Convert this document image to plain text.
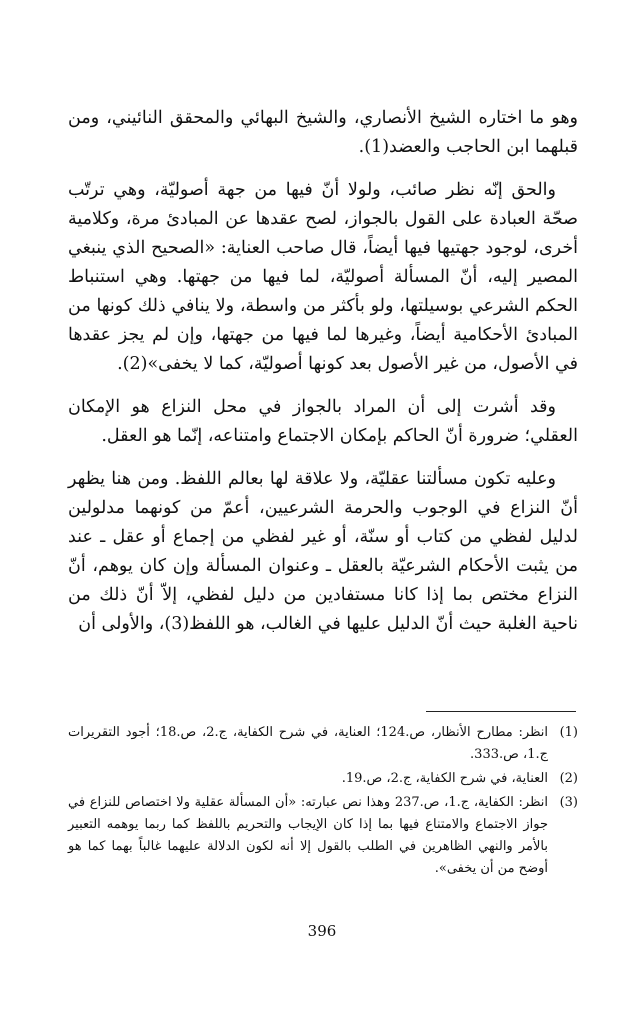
وهو ما اختاره الشيخ الأنصاري، والشيخ البهائي والمحقق النائيني، ومن قبلهما ابن الحاجب والعضد(1).

والحق إنّه نظر صائب، ولولا أنّ فيها من جهة أصوليّة، وهي ترتّب صحّة العبادة على القول بالجواز، لصح عقدها عن المبادئ مرة، وكلامية أخرى، لوجود جهتيها فيها أيضاً، قال صاحب العناية: «الصحيح الذي ينبغي المصير إليه، أنّ المسألة أصوليّة، لما فيها من جهتها. وهي استنباط الحكم الشرعي بوسيلتها، ولو بأكثر من واسطة، ولا ينافي ذلك كونها من المبادئ الأحكامية أيضاً، وغيرها لما فيها من جهتها، وإن لم يجز عقدها في الأصول، من غير الأصول بعد كونها أصوليّة، كما لا يخفى»(2).

وقد أشرت إلى أن المراد بالجواز في محل النزاع هو الإمكان العقلي؛ ضرورة أنّ الحاكم بإمكان الاجتماع وامتناعه، إنّما هو العقل.

وعليه تكون مسألتنا عقليّة، ولا علاقة لها بعالم اللفظ. ومن هنا يظهر أنّ النزاع في الوجوب والحرمة الشرعيين، أعمّ من كونهما مدلولين لدليل لفظي من كتاب أو سنّة، أو غير لفظي من إجماع أو عقل ـ عند من يثبت الأحكام الشرعيّة بالعقل ـ وعنوان المسألة وإن كان يوهم، أنّ النزاع مختص بما إذا كانا مستفادين من دليل لفظي، إلاّ أنّ ذلك من ناحية الغلبة حيث أنّ الدليل عليها في الغالب، هو اللفظ(3)، والأولى أن

(1)
انظر: مطارح الأنظار، ص.124؛ العناية، في شرح الكفاية، ج.2، ص.18؛ أجود التقريرات ج.1، ص.333.
(2)
العناية، في شرح الكفاية، ج.2، ص.19.
(3)
انظر: الكفاية، ج.1، ص.237 وهذا نص عبارته: «أن المسألة عقلية ولا اختصاص للنزاع في جواز الاجتماع والامتناع فيها بما إذا كان الإيجاب والتحريم باللفظ كما ربما يوهمه التعبير بالأمر والنهي الظاهرين في الطلب بالقول إلا أنه لكون الدلالة عليهما غالباً بهما كما هو أوضح من أن يخفى».
396
